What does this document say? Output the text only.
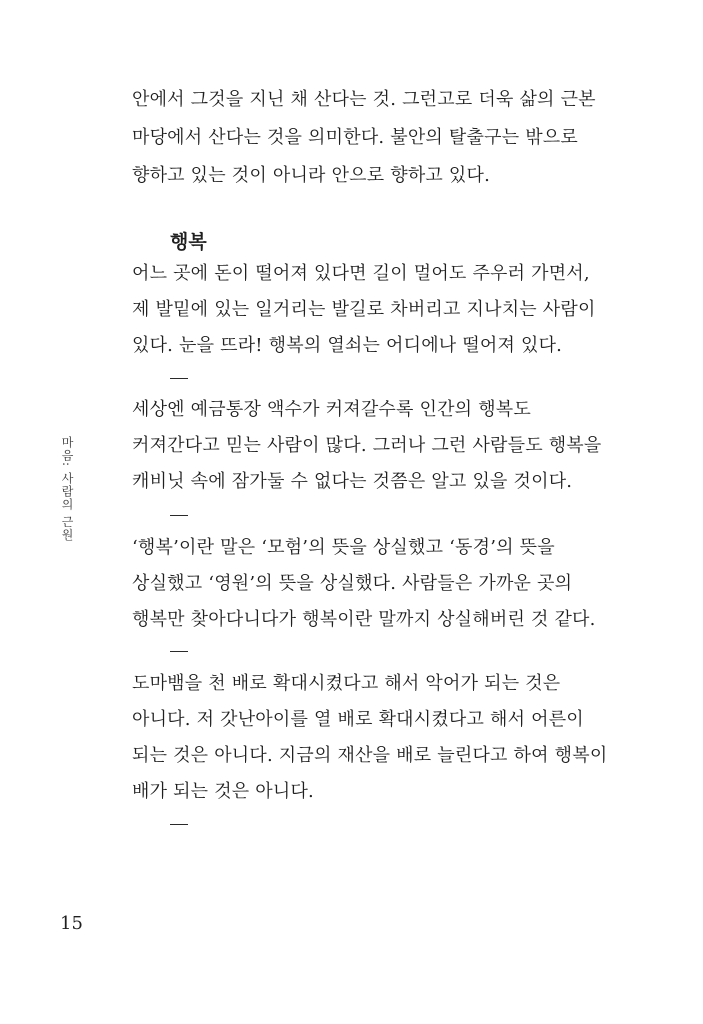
마음: 사람의 근원
안에서 그것을 지닌 채 산다는 것. 그런고로 더욱 삶의 근본
마당에서 산다는 것을 의미한다. 불안의 탈출구는 밖으로
향하고 있는 것이 아니라 안으로 향하고 있다.
행복
어느 곳에 돈이 떨어져 있다면 길이 멀어도 주우러 가면서,
제 발밑에 있는 일거리는 발길로 차버리고 지나치는 사람이
있다. 눈을 뜨라! 행복의 열쇠는 어디에나 떨어져 있다.
세상엔 예금통장 액수가 커져갈수록 인간의 행복도
커져간다고 믿는 사람이 많다. 그러나 그런 사람들도 행복을
캐비닛 속에 잠가둘 수 없다는 것쯤은 알고 있을 것이다.
‘행복’이란 말은 ‘모험’의 뜻을 상실했고 ‘동경’의 뜻을
상실했고 ‘영원’의 뜻을 상실했다. 사람들은 가까운 곳의
행복만 찾아다니다가 행복이란 말까지 상실해버린 것 같다.
도마뱀을 천 배로 확대시켰다고 해서 악어가 되는 것은
아니다. 저 갓난아이를 열 배로 확대시켰다고 해서 어른이
되는 것은 아니다. 지금의 재산을 배로 늘린다고 하여 행복이
배가 되는 것은 아니다.
15
